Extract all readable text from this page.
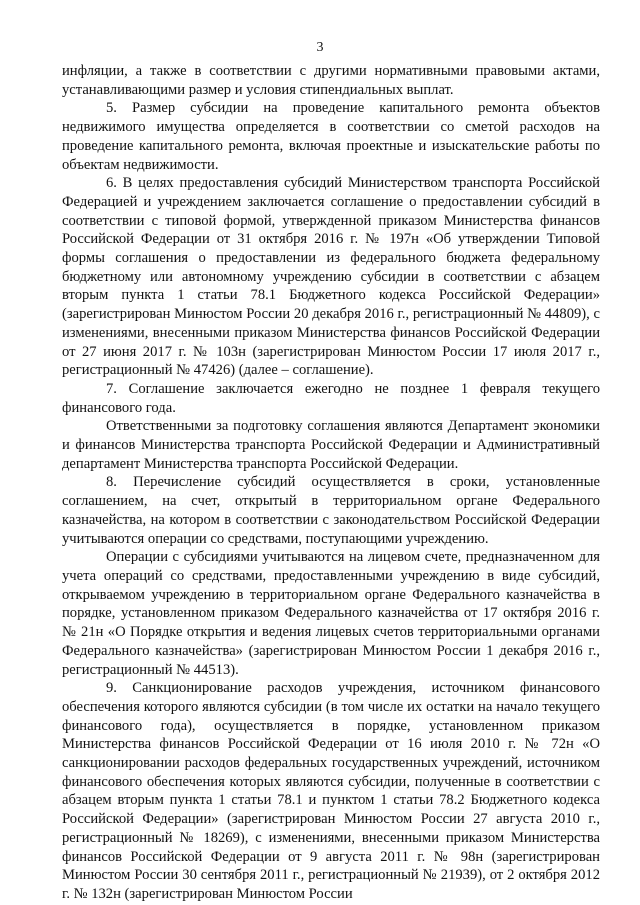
3

инфляции, а также в соответствии с другими нормативными правовыми актами, устанавливающими размер и условия стипендиальных выплат.

5. Размер субсидии на проведение капитального ремонта объектов недвижимого имущества определяется в соответствии со сметой расходов на проведение капитального ремонта, включая проектные и изыскательские работы по объектам недвижимости.

6. В целях предоставления субсидий Министерством транспорта Российской Федерацией и учреждением заключается соглашение о предоставлении субсидий в соответствии с типовой формой, утвержденной приказом Министерства финансов Российской Федерации от 31 октября 2016 г. № 197н «Об утверждении Типовой формы соглашения о предоставлении из федерального бюджета федеральному бюджетному или автономному учреждению субсидии в соответствии с абзацем вторым пункта 1 статьи 78.1 Бюджетного кодекса Российской Федерации» (зарегистрирован Минюстом России 20 декабря 2016 г., регистрационный № 44809), с изменениями, внесенными приказом Министерства финансов Российской Федерации от 27 июня 2017 г. № 103н (зарегистрирован Минюстом России 17 июля 2017 г., регистрационный № 47426) (далее – соглашение).

7. Соглашение заключается ежегодно не позднее 1 февраля текущего финансового года.

Ответственными за подготовку соглашения являются Департамент экономики и финансов Министерства транспорта Российской Федерации и Административный департамент Министерства транспорта Российской Федерации.

8. Перечисление субсидий осуществляется в сроки, установленные соглашением, на счет, открытый в территориальном органе Федерального казначейства, на котором в соответствии с законодательством Российской Федерации учитываются операции со средствами, поступающими учреждению.

Операции с субсидиями учитываются на лицевом счете, предназначенном для учета операций со средствами, предоставленными учреждению в виде субсидий, открываемом учреждению в территориальном органе Федерального казначейства в порядке, установленном приказом Федерального казначейства от 17 октября 2016 г. № 21н «О Порядке открытия и ведения лицевых счетов территориальными органами Федерального казначейства» (зарегистрирован Минюстом России 1 декабря 2016 г., регистрационный № 44513).

9. Санкционирование расходов учреждения, источником финансового обеспечения которого являются субсидии (в том числе их остатки на начало текущего финансового года), осуществляется в порядке, установленном приказом Министерства финансов Российской Федерации от 16 июля 2010 г. № 72н «О санкционировании расходов федеральных государственных учреждений, источником финансового обеспечения которых являются субсидии, полученные в соответствии с абзацем вторым пункта 1 статьи 78.1 и пунктом 1 статьи 78.2 Бюджетного кодекса Российской Федерации» (зарегистрирован Минюстом России 27 августа 2010 г., регистрационный № 18269), с изменениями, внесенными приказом Министерства финансов Российской Федерации от 9 августа 2011 г. № 98н (зарегистрирован Минюстом России 30 сентября 2011 г., регистрационный № 21939), от 2 октября 2012 г. № 132н (зарегистрирован Минюстом России
